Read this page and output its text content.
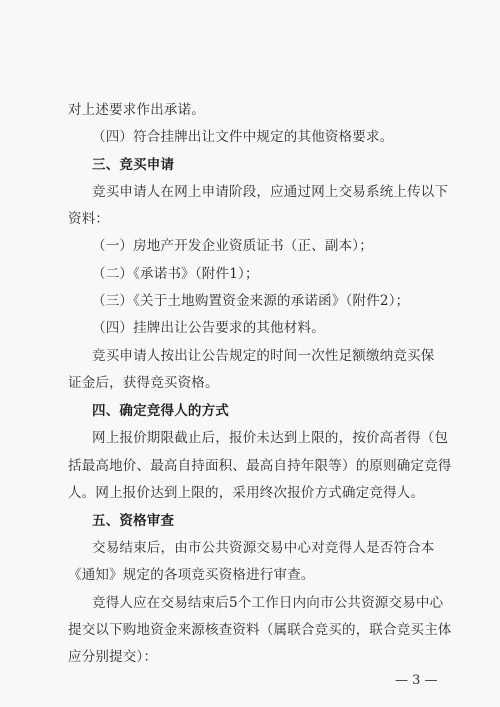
对上述要求作出承诺。
（四）符合挂牌出让文件中规定的其他资格要求。
三、竞买申请
竞买申请人在网上申请阶段，应通过网上交易系统上传以下
资料：
（一）房地产开发企业资质证书（正、副本）；
（二）《承诺书》（附件1）；
（三）《关于土地购置资金来源的承诺函》（附件2）；
（四）挂牌出让公告要求的其他材料。
竞买申请人按出让公告规定的时间一次性足额缴纳竞买保
证金后，获得竞买资格。
四、确定竞得人的方式
网上报价期限截止后，报价未达到上限的，按价高者得（包
括最高地价、最高自持面积、最高自持年限等）的原则确定竞得
人。网上报价达到上限的，采用终次报价方式确定竞得人。
五、资格审查
交易结束后，由市公共资源交易中心对竞得人是否符合本
《通知》规定的各项竞买资格进行审查。
竞得人应在交易结束后5个工作日内向市公共资源交易中心
提交以下购地资金来源核查资料（属联合竞买的，联合竞买主体
应分别提交）：
— 3 —
